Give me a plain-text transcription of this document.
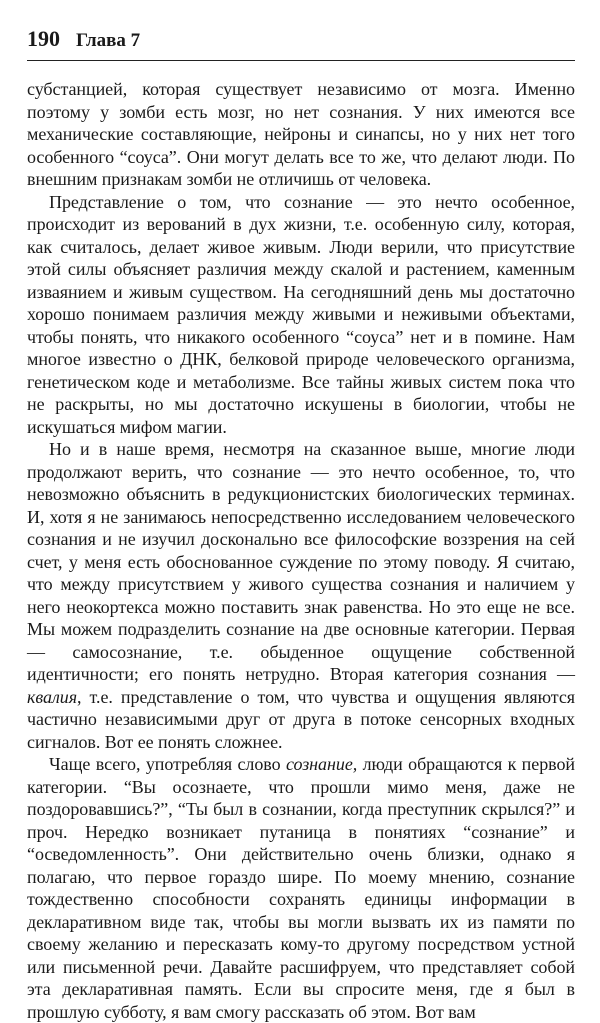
190 Глава 7

субстанцией, которая существует независимо от мозга. Именно поэтому у зомби есть мозг, но нет сознания. У них имеются все механические составляющие, нейроны и синапсы, но у них нет того особенного “соуса”. Они могут делать все то же, что делают люди. По внешним признакам зомби не отличишь от человека.

Представление о том, что сознание — это нечто особенное, происходит из верований в дух жизни, т.е. особенную силу, которая, как считалось, делает живое живым. Люди верили, что присутствие этой силы объясняет различия между скалой и растением, каменным изваянием и живым существом. На сегодняшний день мы достаточно хорошо понимаем различия между живыми и неживыми объектами, чтобы понять, что никакого особенного “соуса” нет и в помине. Нам многое известно о ДНК, белковой природе человеческого организма, генетическом коде и метаболизме. Все тайны живых систем пока что не раскрыты, но мы достаточно искушены в биологии, чтобы не искушаться мифом магии.

Но и в наше время, несмотря на сказанное выше, многие люди продолжают верить, что сознание — это нечто особенное, то, что невозможно объяснить в редукционистских биологических терминах. И, хотя я не занимаюсь непосредственно исследованием человеческого сознания и не изучил досконально все философские воззрения на сей счет, у меня есть обоснованное суждение по этому поводу. Я считаю, что между присутствием у живого существа сознания и наличием у него неокортекса можно поставить знак равенства. Но это еще не все. Мы можем подразделить сознание на две основные категории. Первая — самосознание, т.е. обыденное ощущение собственной идентичности; его понять нетрудно. Вторая категория сознания — квалия, т.е. представление о том, что чувства и ощущения являются частично независимыми друг от друга в потоке сенсорных входных сигналов. Вот ее понять сложнее.

Чаще всего, употребляя слово сознание, люди обращаются к первой категории. “Вы осознаете, что прошли мимо меня, даже не поздоровавшись?”, “Ты был в сознании, когда преступник скрылся?” и проч. Нередко возникает путаница в понятиях “сознание” и “осведомленность”. Они действительно очень близки, однако я полагаю, что первое гораздо шире. По моему мнению, сознание тождественно способности сохранять единицы информации в декларативном виде так, чтобы вы могли вызвать их из памяти по своему желанию и пересказать кому-то другому посредством устной или письменной речи. Давайте расшифруем, что представляет собой эта декларативная память. Если вы спросите меня, где я был в прошлую субботу, я вам смогу рассказать об этом. Вот вам
